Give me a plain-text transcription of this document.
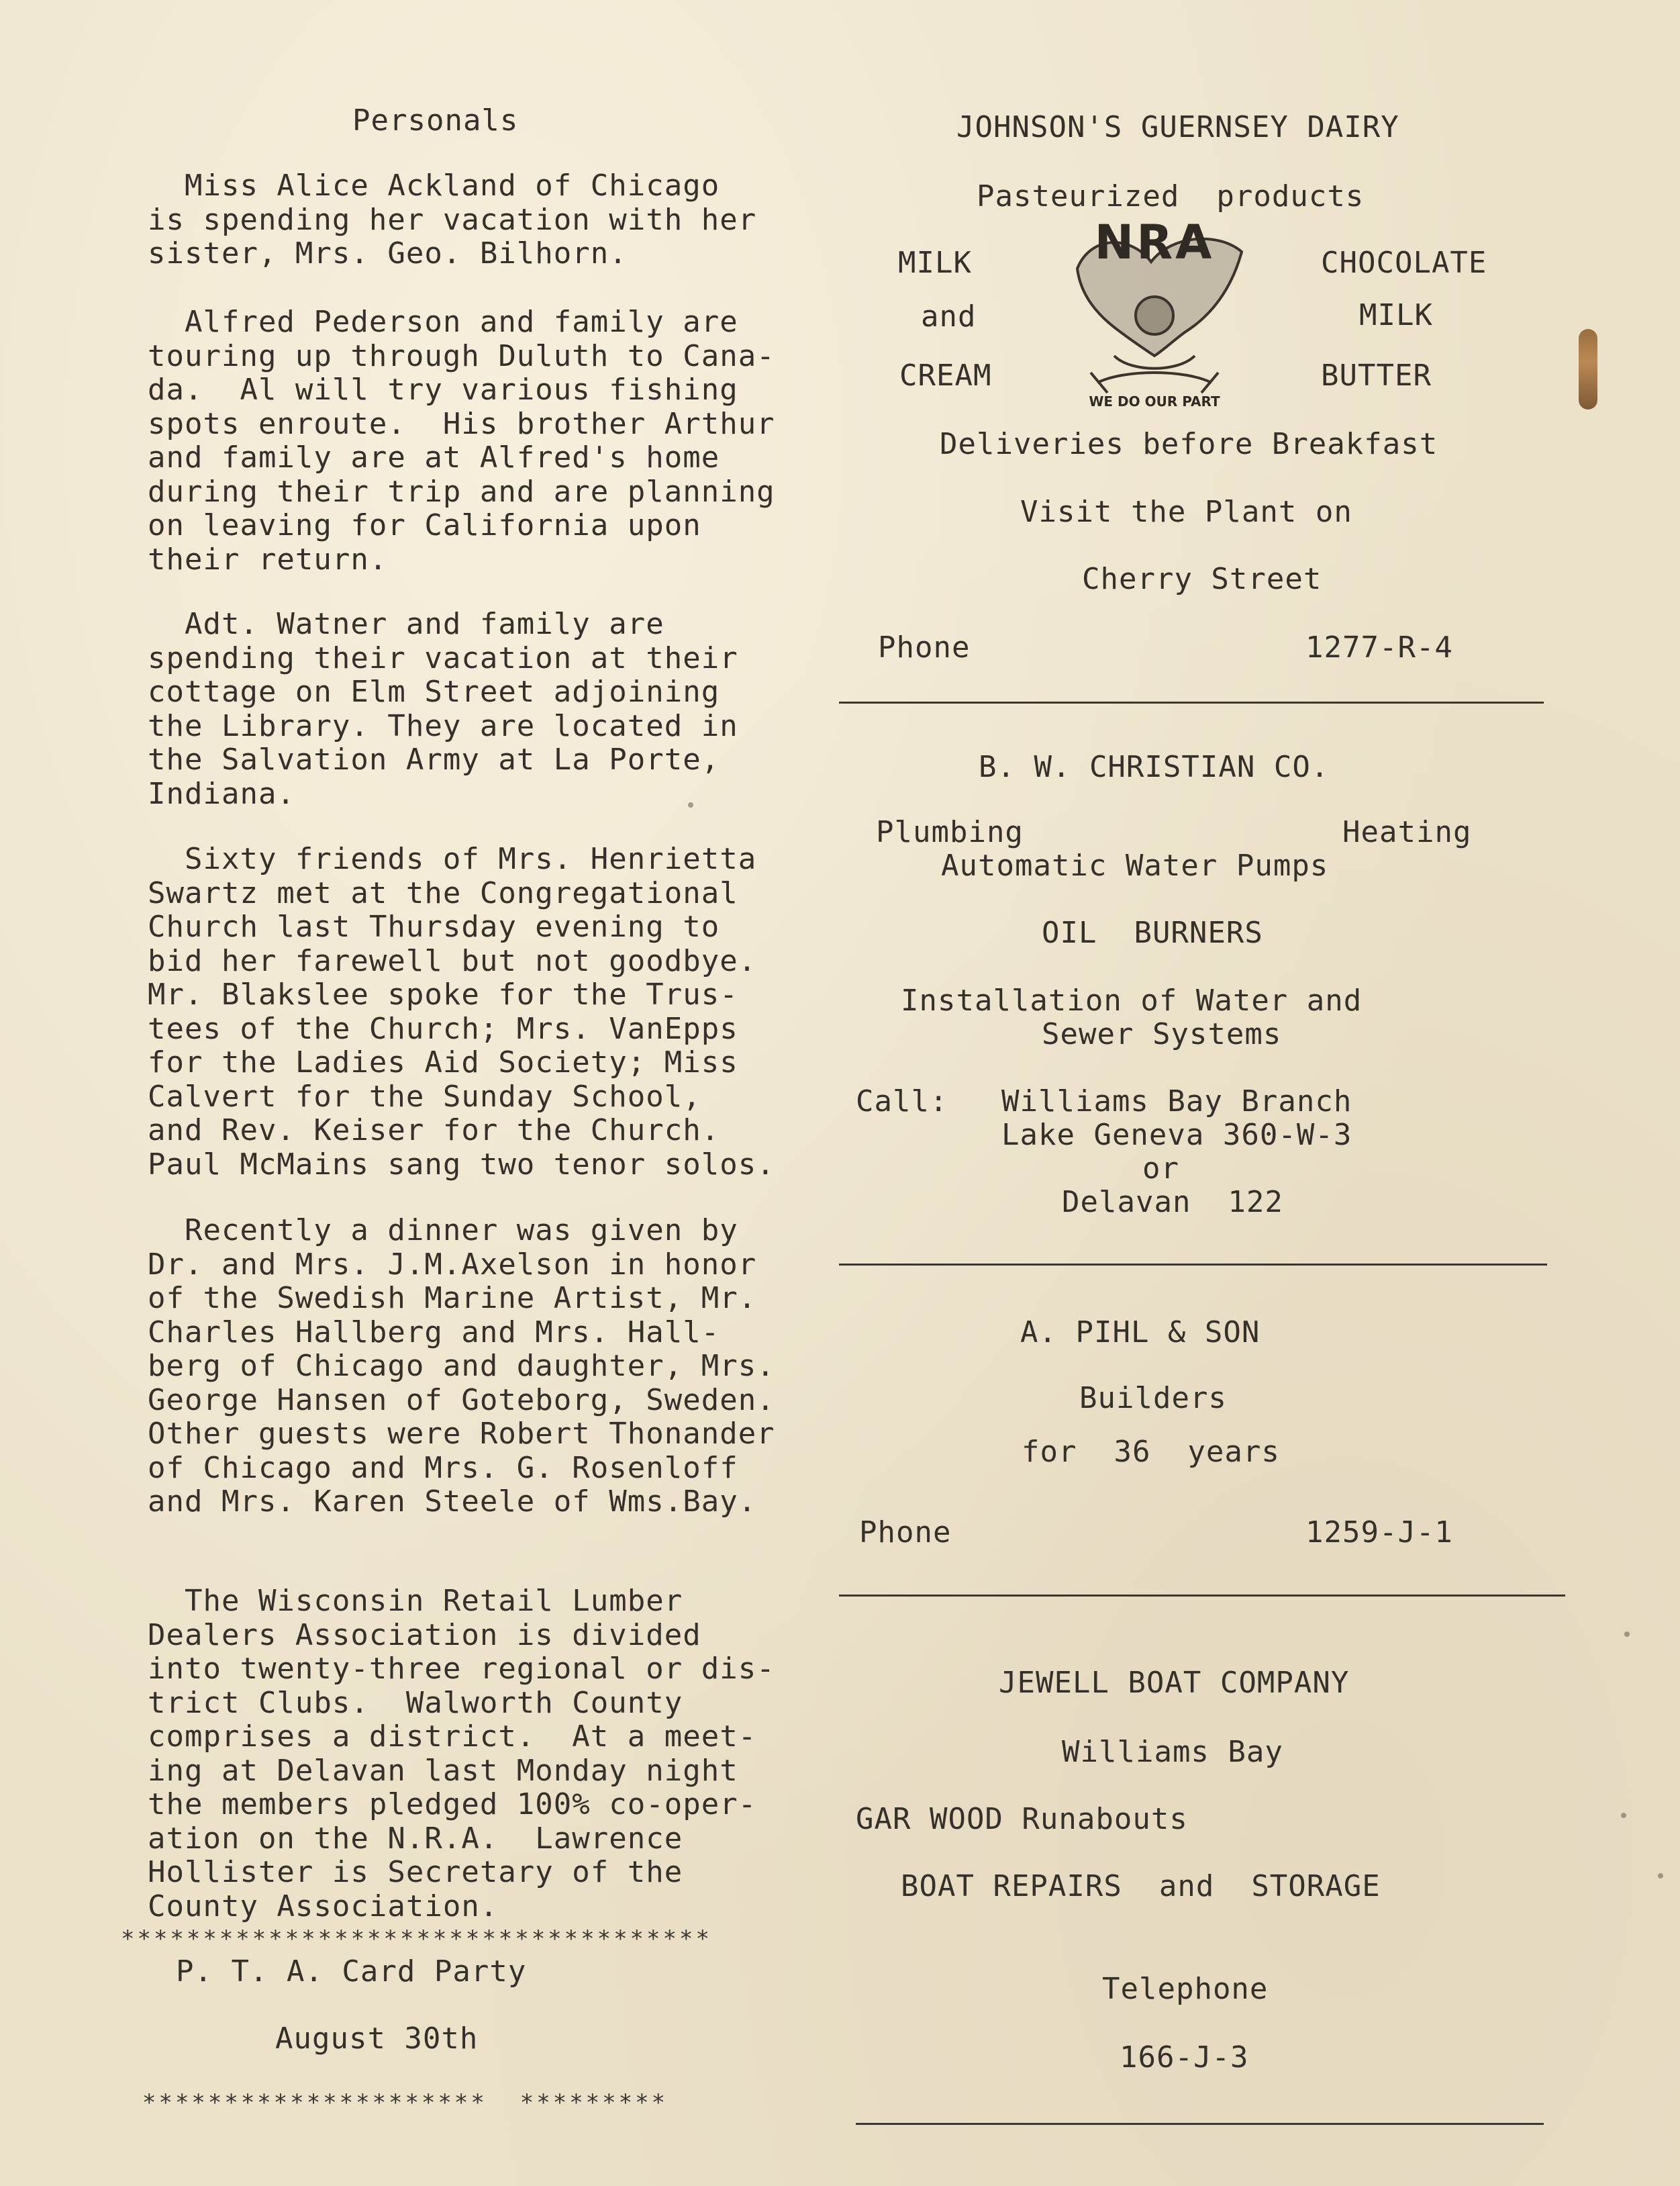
Personals
Miss Alice Ackland of Chicago
is spending her vacation with her
sister, Mrs. Geo. Bilhorn.
Alfred Pederson and family are
touring up through Duluth to Cana-
da.  Al will try various fishing
spots enroute.  His brother Arthur
and family are at Alfred's home
during their trip and are planning
on leaving for California upon
their return.
Adt. Watner and family are
spending their vacation at their
cottage on Elm Street adjoining
the Library. They are located in
the Salvation Army at La Porte,
Indiana.
Sixty friends of Mrs. Henrietta
Swartz met at the Congregational
Church last Thursday evening to
bid her farewell but not goodbye.
Mr. Blakslee spoke for the Trus-
tees of the Church; Mrs. VanEpps
for the Ladies Aid Society; Miss
Calvert for the Sunday School,
and Rev. Keiser for the Church.
Paul McMains sang two tenor solos.
Recently a dinner was given by
Dr. and Mrs. J.M.Axelson in honor
of the Swedish Marine Artist, Mr.
Charles Hallberg and Mrs. Hall-
berg of Chicago and daughter, Mrs.
George Hansen of Goteborg, Sweden.
Other guests were Robert Thonander
of Chicago and Mrs. G. Rosenloff
and Mrs. Karen Steele of Wms.Bay.
The Wisconsin Retail Lumber
Dealers Association is divided
into twenty-three regional or dis-
trict Clubs.  Walworth County
comprises a district.  At a meet-
ing at Delavan last Monday night
the members pledged 100% co-oper-
ation on the N.R.A.  Lawrence
Hollister is Secretary of the
County Association.
************************************
P. T. A. Card Party
August 30th
*********************  *********
JOHNSON'S GUERNSEY DAIRY
Pasteurized  products
MILK
and
CREAM
CHOCOLATE
MILK
BUTTER
NRA
WE DO OUR PART
Deliveries before Breakfast
Visit the Plant on
Cherry Street
Phone	1277-R-4
B. W. CHRISTIAN CO.
Plumbing	Heating
Automatic Water Pumps
OIL  BURNERS
Installation of Water and
Sewer Systems
Call: Williams Bay Branch
Lake Geneva 360-W-3
or
Delavan  122
A. PIHL & SON
Builders
for  36  years
Phone	1259-J-1
JEWELL BOAT COMPANY
Williams Bay
GAR WOOD Runabouts
BOAT REPAIRS  and  STORAGE
Telephone
166-J-3
